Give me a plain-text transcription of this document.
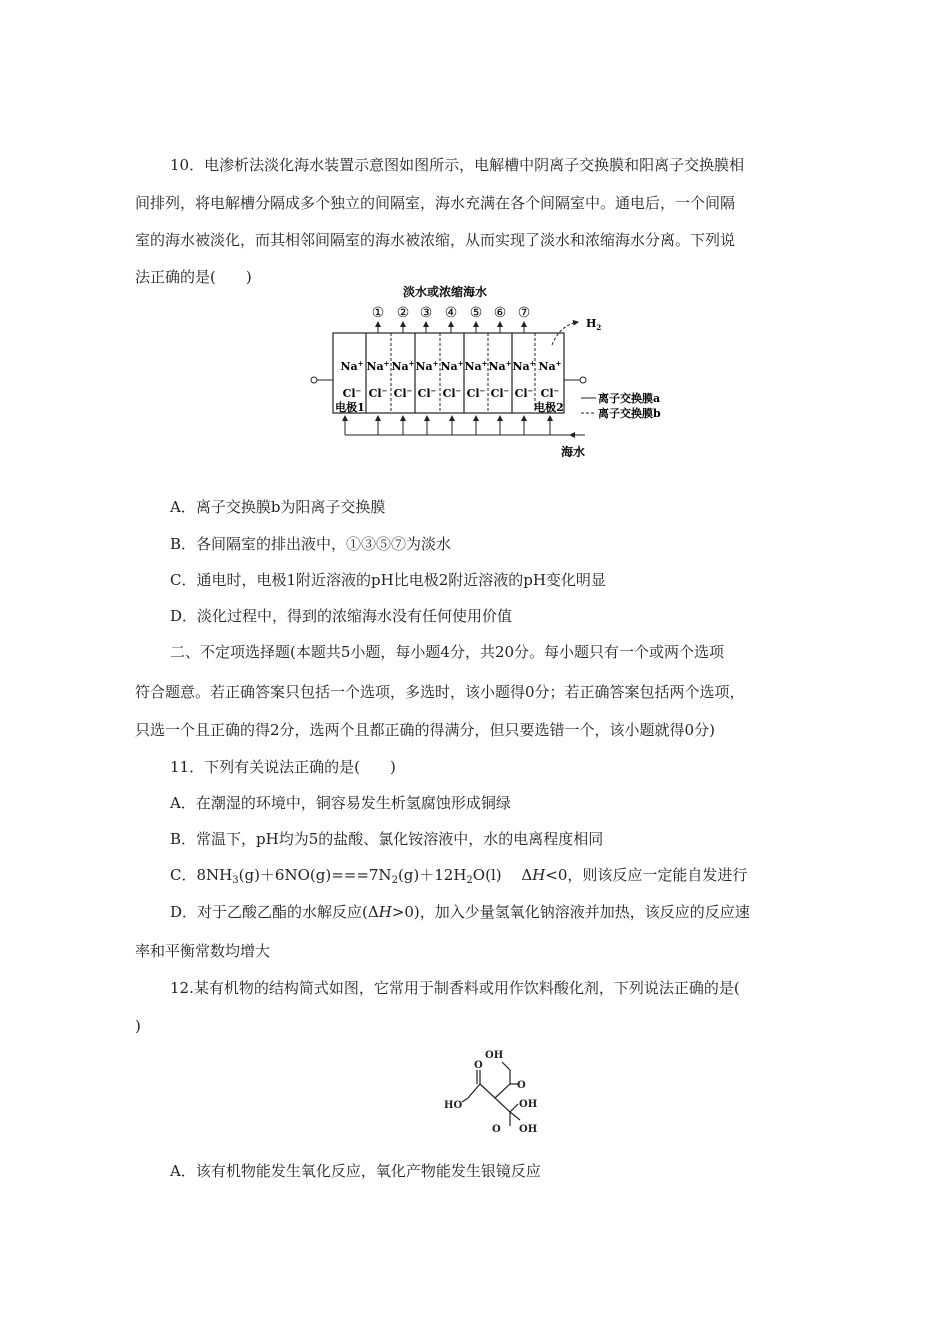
10．电渗析法淡化海水装置示意图如图所示，电解槽中阴离子交换膜和阳离子交换膜相
间排列，将电解槽分隔成多个独立的间隔室，海水充满在各个间隔室中。通电后，一个间隔
室的海水被淡化，而其相邻间隔室的海水被浓缩，从而实现了淡水和浓缩海水分离。下列说
法正确的是(　　)
淡水或浓缩海水
① ② ③ ④ ⑤ ⑥ ⑦
Na+
Cl−
Na+
Cl−
Na+
Cl−
Na+
Cl−
Na+
Cl−
Na+
Cl−
Na+
Cl−
Na+
Cl−
Na+
Cl−
电极1	电极2
$H_2$
离子交换膜a
离子交换膜b
海水
A．离子交换膜b为阳离子交换膜
B．各间隔室的排出液中，①③⑤⑦为淡水
C．通电时，电极1附近溶液的pH比电极2附近溶液的pH变化明显
D．淡化过程中，得到的浓缩海水没有任何使用价值
二、不定项选择题(本题共5小题，每小题4分，共20分。每小题只有一个或两个选项
符合题意。若正确答案只包括一个选项，多选时，该小题得0分；若正确答案包括两个选项，
只选一个且正确的得2分，选两个且都正确的得满分，但只要选错一个，该小题就得0分)
11．下列有关说法正确的是(　　)
A．在潮湿的环境中，铜容易发生析氢腐蚀形成铜绿
B．常温下，pH均为5的盐酸、氯化铵溶液中，水的电离程度相同
C．$8NH_3(g)+6NO(g)===7N_2(g)+12H_2O(l)$　 ΔH<0，则该反应一定能自发进行
D．对于乙酸乙酯的水解反应(ΔH>0)，加入少量氢氧化钠溶液并加热，该反应的反应速
率和平衡常数均增大
12.某有机物的结构简式如图，它常用于制香料或用作饮料酸化剂，下列说法正确的是(
)
OH
O
O
HO	OH
O OH
A．该有机物能发生氧化反应，氧化产物能发生银镜反应
